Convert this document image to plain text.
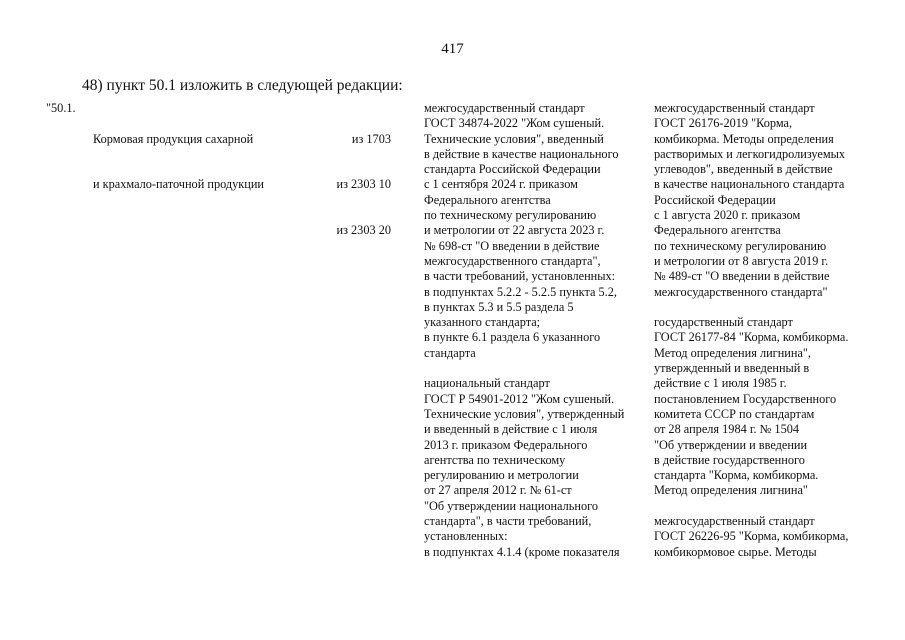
417
48) пункт 50.1 изложить в следующей редакции:
"50.1.

Кормовая продукция сахарной

и крахмало-паточной продукции

из 1703

из 2303 10

из 2303 20

межгосударственный стандарт
ГОСТ 34874-2022 "Жом сушеный.
Технические условия", введенный
в действие в качестве национального
стандарта Российской Федерации
с 1 сентября 2024 г. приказом
Федерального агентства
по техническому регулированию
и метрологии от 22 августа 2023 г.
№ 698-ст "О введении в действие
межгосударственного стандарта",
в части требований, установленных:
в подпунктах 5.2.2 - 5.2.5 пункта 5.2,
в пунктах 5.3 и 5.5 раздела 5
указанного стандарта;
в пункте 6.1 раздела 6 указанного
стандарта
национальный стандарт
ГОСТ Р 54901-2012 "Жом сушеный.
Технические условия", утвержденный
и введенный в действие с 1 июля
2013 г. приказом Федерального
агентства по техническому
регулированию и метрологии
от 27 апреля 2012 г. № 61-ст
"Об утверждении национального
стандарта", в части требований,
установленных:
в подпунктах 4.1.4 (кроме показателя
межгосударственный стандарт
ГОСТ 26176-2019 "Корма,
комбикорма. Методы определения
растворимых и легкогидролизуемых
углеводов", введенный в действие
в качестве национального стандарта
Российской Федерации
с 1 августа 2020 г. приказом
Федерального агентства
по техническому регулированию
и метрологии от 8 августа 2019 г.
№ 489-ст "О введении в действие
межгосударственного стандарта"
государственный стандарт
ГОСТ 26177-84 "Корма, комбикорма.
Метод определения лигнина",
утвержденный и введенный в
действие с 1 июля 1985 г.
постановлением Государственного
комитета СССР по стандартам
от 28 апреля 1984 г. № 1504
"Об утверждении и введении
в действие государственного
стандарта "Корма, комбикорма.
Метод определения лигнина"
межгосударственный стандарт
ГОСТ 26226-95 "Корма, комбикорма,
комбикормовое сырье. Методы
